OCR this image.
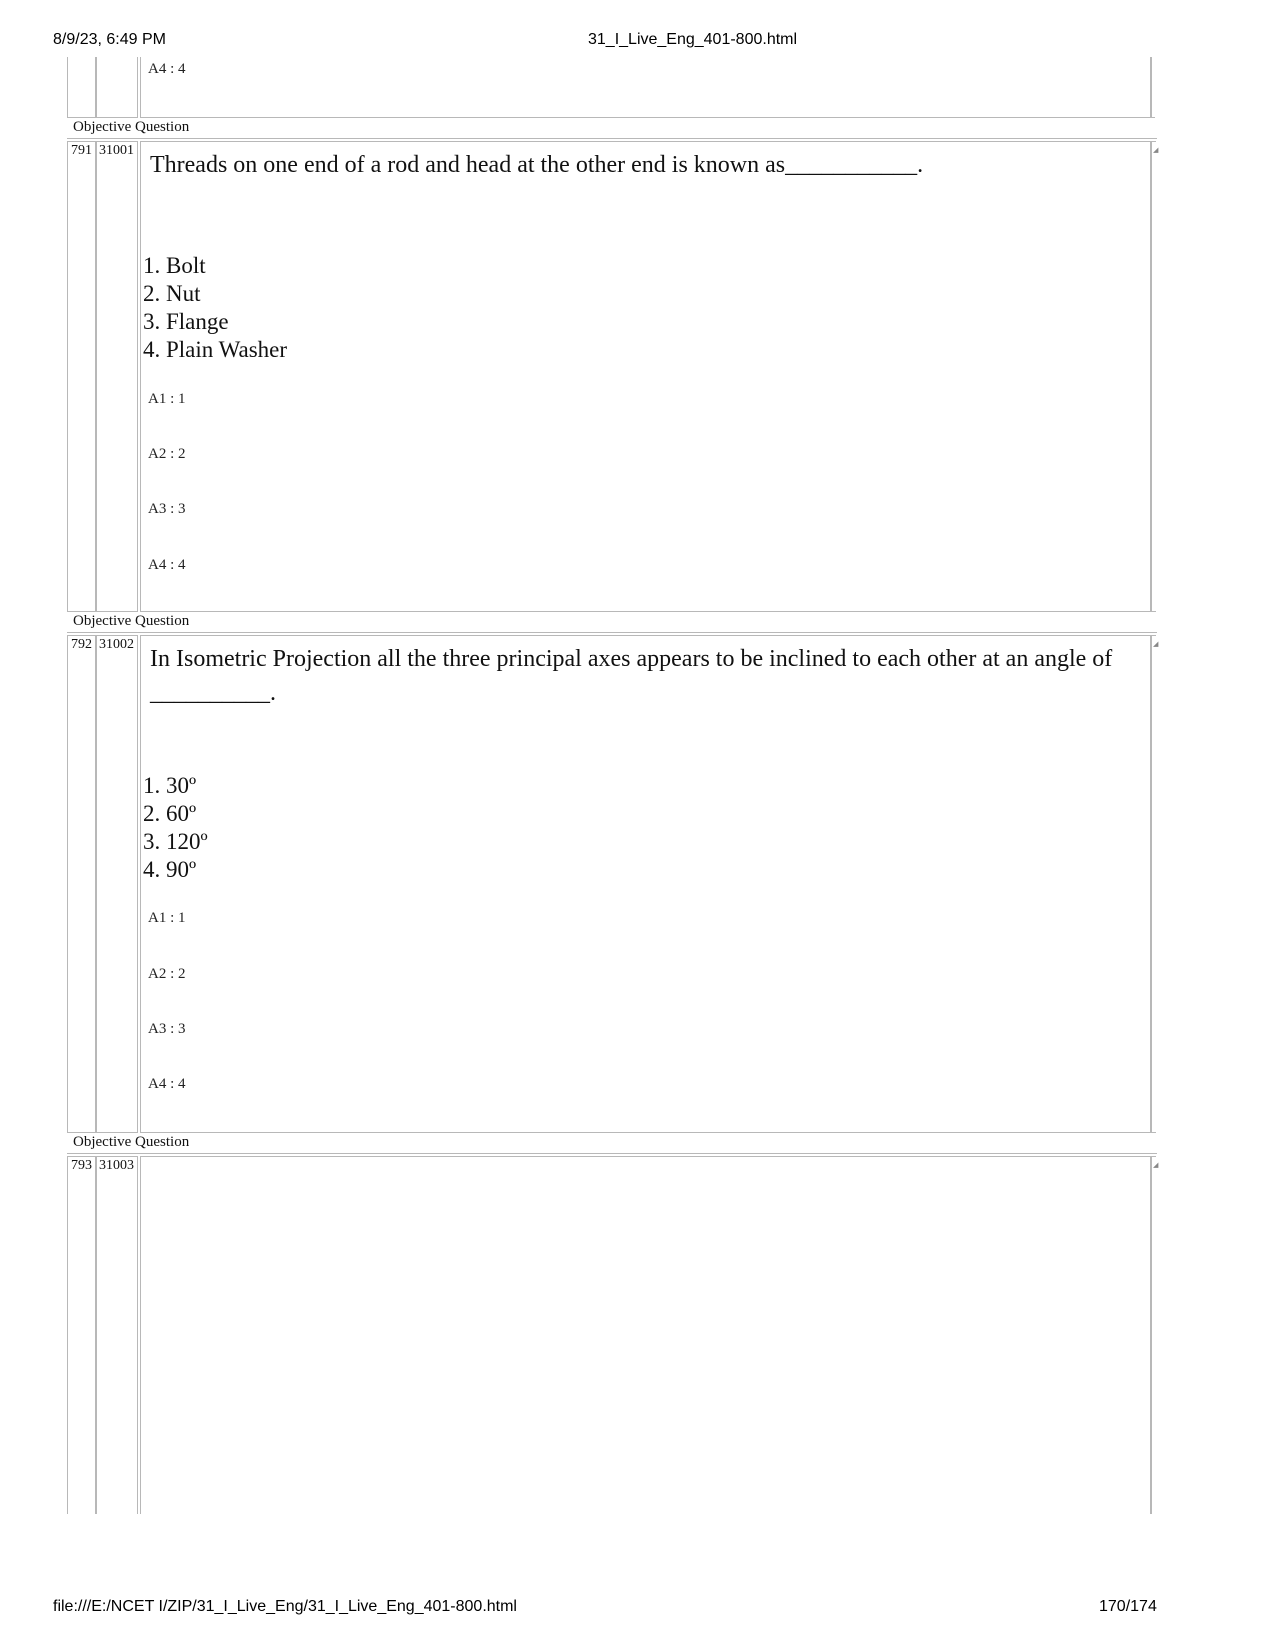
8/9/23, 6:49 PM	31_I_Live_Eng_401-800.html
A4 : 4
Objective Question
791 31001	◢
Threads on one end of a rod and head at the other end is known as___________.
1. Bolt
2. Nut
3. Flange
4. Plain Washer
A1 : 1
A2 : 2
A3 : 3
A4 : 4
Objective Question
792 31002	◢
In Isometric Projection all the three principal axes appears to be inclined to each other at an angle of
__________.
1. 30º
2. 60º
3. 120º
4. 90º
A1 : 1
A2 : 2
A3 : 3
A4 : 4
Objective Question
793 31003	◢
file:///E:/NCET I/ZIP/31_I_Live_Eng/31_I_Live_Eng_401-800.html	170/174
